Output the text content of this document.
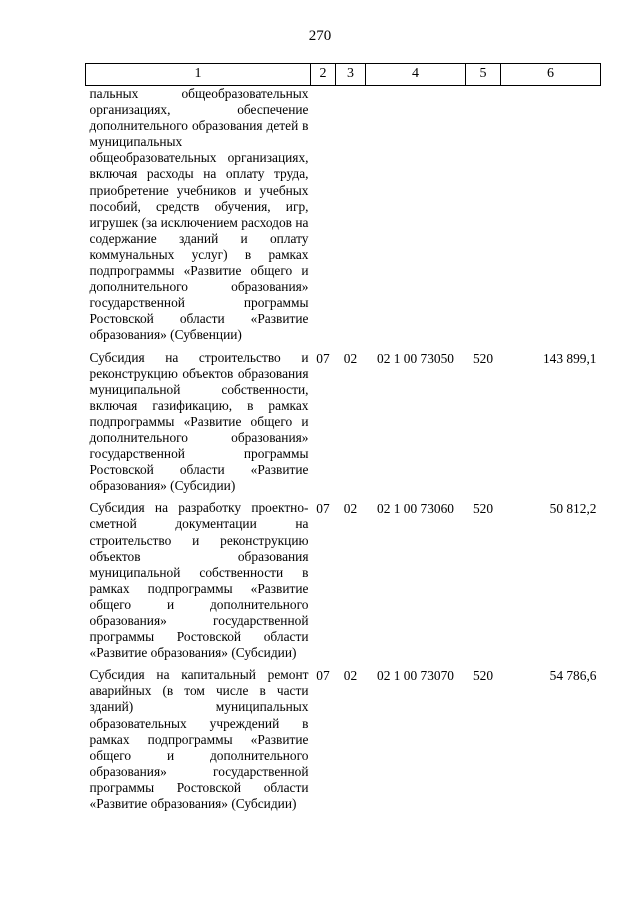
270
1	2	3	4	5	6
пальных общеобразовательных организациях, обеспечение дополнительного образования детей в муниципальных общеобразовательных организациях, включая расходы на оплату труда, приобретение учебников и учебных пособий, средств обучения, игр, игрушек (за исключением расходов на содержание зданий и оплату коммунальных услуг) в рамках подпрограммы «Развитие общего и дополнительного образования» государственной программы Ростовской области «Развитие образования» (Субвенции)					
Субсидия на строительство и реконструкцию объектов образования муниципальной собственности, включая газификацию, в рамках подпрограммы «Развитие общего и дополнительного образования» государственной программы Ростовской области «Развитие образования» (Субсидии)	07	02	02 1 00 73050	520	143 899,1
Субсидия на разработку проектно-сметной документации на строительство и реконструкцию объектов образования муниципальной собственности в рамках подпрограммы «Развитие общего и дополнительного образования» государственной программы Ростовской области «Развитие образования» (Субсидии)	07	02	02 1 00 73060	520	50 812,2
Субсидия на капитальный ремонт аварийных (в том числе в части зданий) муниципальных образовательных учреждений в рамках подпрограммы «Развитие общего и дополнительного образования» государственной программы Ростовской области «Развитие образования» (Субсидии)	07	02	02 1 00 73070	520	54 786,6
